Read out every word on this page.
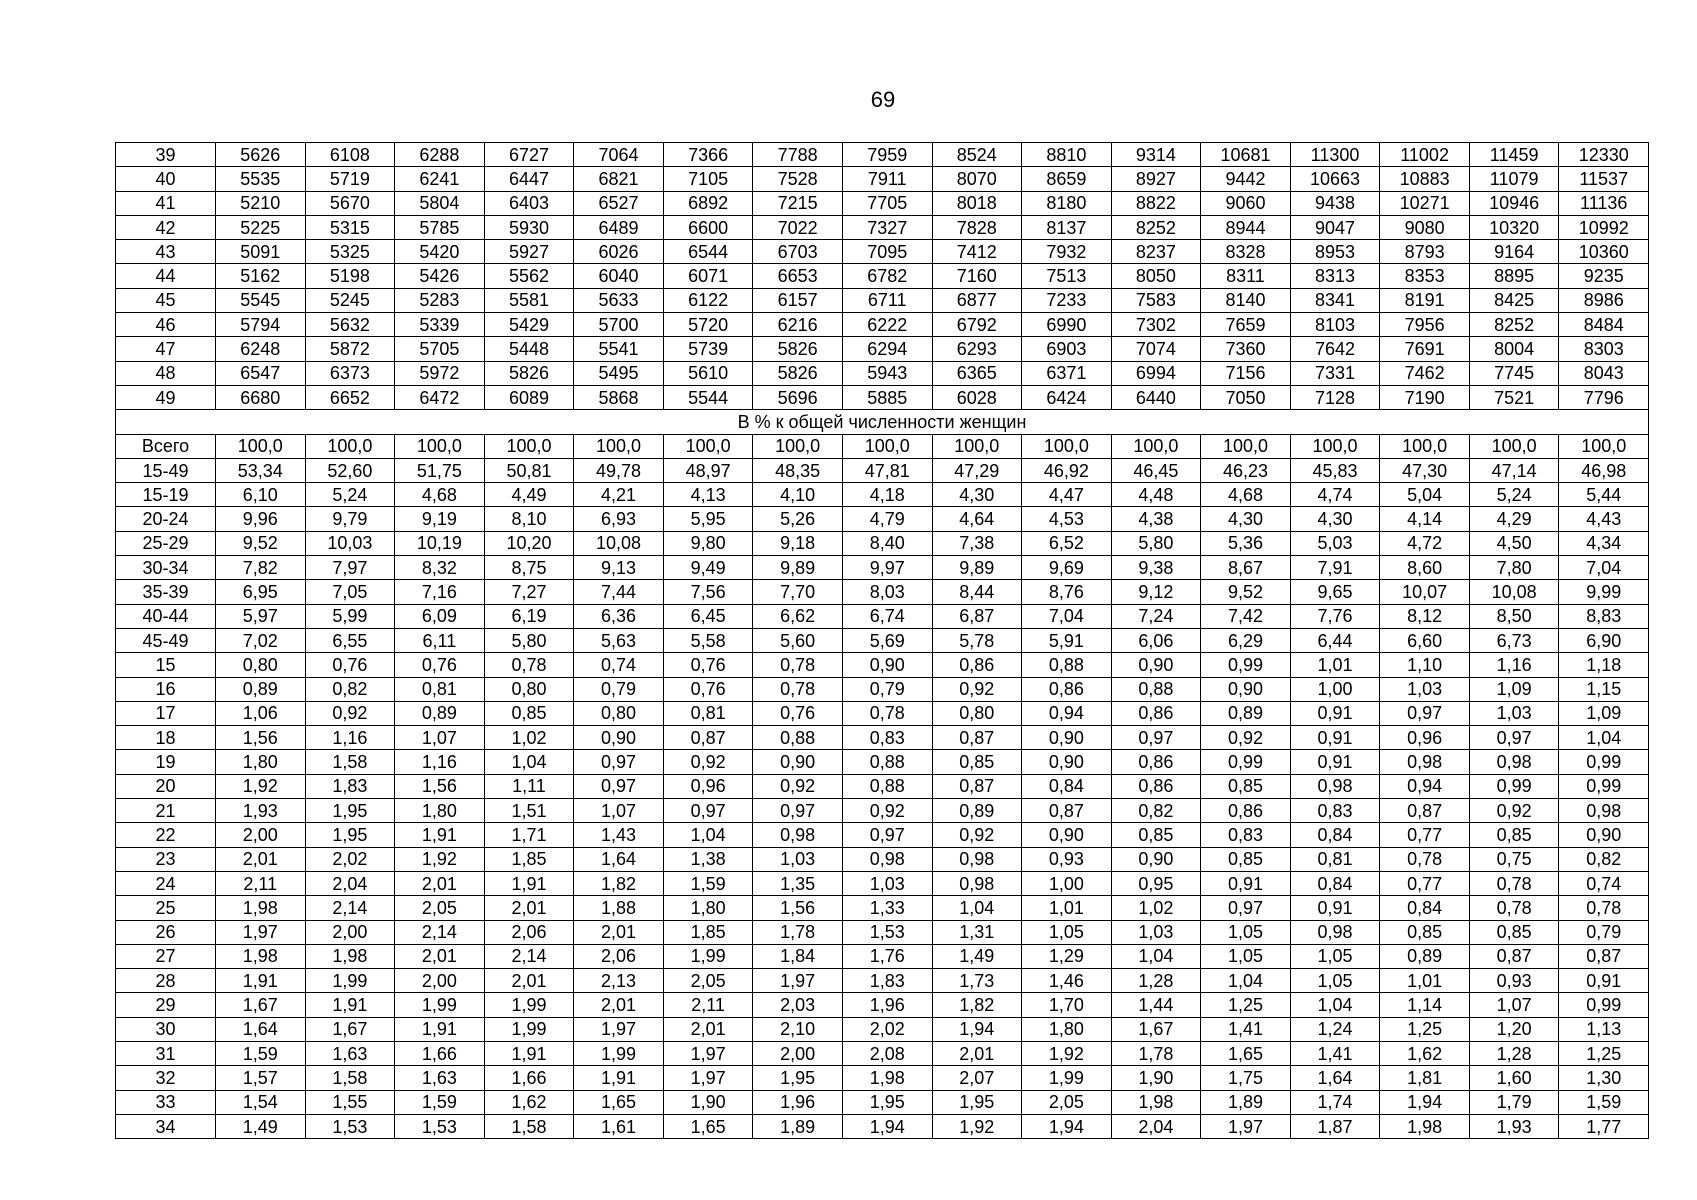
69
39	5626	6108	6288	6727	7064	7366	7788	7959	8524	8810	9314	10681	11300	11002	11459	12330
40	5535	5719	6241	6447	6821	7105	7528	7911	8070	8659	8927	9442	10663	10883	11079	11537
41	5210	5670	5804	6403	6527	6892	7215	7705	8018	8180	8822	9060	9438	10271	10946	11136
42	5225	5315	5785	5930	6489	6600	7022	7327	7828	8137	8252	8944	9047	9080	10320	10992
43	5091	5325	5420	5927	6026	6544	6703	7095	7412	7932	8237	8328	8953	8793	9164	10360
44	5162	5198	5426	5562	6040	6071	6653	6782	7160	7513	8050	8311	8313	8353	8895	9235
45	5545	5245	5283	5581	5633	6122	6157	6711	6877	7233	7583	8140	8341	8191	8425	8986
46	5794	5632	5339	5429	5700	5720	6216	6222	6792	6990	7302	7659	8103	7956	8252	8484
47	6248	5872	5705	5448	5541	5739	5826	6294	6293	6903	7074	7360	7642	7691	8004	8303
48	6547	6373	5972	5826	5495	5610	5826	5943	6365	6371	6994	7156	7331	7462	7745	8043
49	6680	6652	6472	6089	5868	5544	5696	5885	6028	6424	6440	7050	7128	7190	7521	7796
В % к общей численности женщин																
Всего	100,0	100,0	100,0	100,0	100,0	100,0	100,0	100,0	100,0	100,0	100,0	100,0	100,0	100,0	100,0	100,0
15-49	53,34	52,60	51,75	50,81	49,78	48,97	48,35	47,81	47,29	46,92	46,45	46,23	45,83	47,30	47,14	46,98
15-19	6,10	5,24	4,68	4,49	4,21	4,13	4,10	4,18	4,30	4,47	4,48	4,68	4,74	5,04	5,24	5,44
20-24	9,96	9,79	9,19	8,10	6,93	5,95	5,26	4,79	4,64	4,53	4,38	4,30	4,30	4,14	4,29	4,43
25-29	9,52	10,03	10,19	10,20	10,08	9,80	9,18	8,40	7,38	6,52	5,80	5,36	5,03	4,72	4,50	4,34
30-34	7,82	7,97	8,32	8,75	9,13	9,49	9,89	9,97	9,89	9,69	9,38	8,67	7,91	8,60	7,80	7,04
35-39	6,95	7,05	7,16	7,27	7,44	7,56	7,70	8,03	8,44	8,76	9,12	9,52	9,65	10,07	10,08	9,99
40-44	5,97	5,99	6,09	6,19	6,36	6,45	6,62	6,74	6,87	7,04	7,24	7,42	7,76	8,12	8,50	8,83
45-49	7,02	6,55	6,11	5,80	5,63	5,58	5,60	5,69	5,78	5,91	6,06	6,29	6,44	6,60	6,73	6,90
15	0,80	0,76	0,76	0,78	0,74	0,76	0,78	0,90	0,86	0,88	0,90	0,99	1,01	1,10	1,16	1,18
16	0,89	0,82	0,81	0,80	0,79	0,76	0,78	0,79	0,92	0,86	0,88	0,90	1,00	1,03	1,09	1,15
17	1,06	0,92	0,89	0,85	0,80	0,81	0,76	0,78	0,80	0,94	0,86	0,89	0,91	0,97	1,03	1,09
18	1,56	1,16	1,07	1,02	0,90	0,87	0,88	0,83	0,87	0,90	0,97	0,92	0,91	0,96	0,97	1,04
19	1,80	1,58	1,16	1,04	0,97	0,92	0,90	0,88	0,85	0,90	0,86	0,99	0,91	0,98	0,98	0,99
20	1,92	1,83	1,56	1,11	0,97	0,96	0,92	0,88	0,87	0,84	0,86	0,85	0,98	0,94	0,99	0,99
21	1,93	1,95	1,80	1,51	1,07	0,97	0,97	0,92	0,89	0,87	0,82	0,86	0,83	0,87	0,92	0,98
22	2,00	1,95	1,91	1,71	1,43	1,04	0,98	0,97	0,92	0,90	0,85	0,83	0,84	0,77	0,85	0,90
23	2,01	2,02	1,92	1,85	1,64	1,38	1,03	0,98	0,98	0,93	0,90	0,85	0,81	0,78	0,75	0,82
24	2,11	2,04	2,01	1,91	1,82	1,59	1,35	1,03	0,98	1,00	0,95	0,91	0,84	0,77	0,78	0,74
25	1,98	2,14	2,05	2,01	1,88	1,80	1,56	1,33	1,04	1,01	1,02	0,97	0,91	0,84	0,78	0,78
26	1,97	2,00	2,14	2,06	2,01	1,85	1,78	1,53	1,31	1,05	1,03	1,05	0,98	0,85	0,85	0,79
27	1,98	1,98	2,01	2,14	2,06	1,99	1,84	1,76	1,49	1,29	1,04	1,05	1,05	0,89	0,87	0,87
28	1,91	1,99	2,00	2,01	2,13	2,05	1,97	1,83	1,73	1,46	1,28	1,04	1,05	1,01	0,93	0,91
29	1,67	1,91	1,99	1,99	2,01	2,11	2,03	1,96	1,82	1,70	1,44	1,25	1,04	1,14	1,07	0,99
30	1,64	1,67	1,91	1,99	1,97	2,01	2,10	2,02	1,94	1,80	1,67	1,41	1,24	1,25	1,20	1,13
31	1,59	1,63	1,66	1,91	1,99	1,97	2,00	2,08	2,01	1,92	1,78	1,65	1,41	1,62	1,28	1,25
32	1,57	1,58	1,63	1,66	1,91	1,97	1,95	1,98	2,07	1,99	1,90	1,75	1,64	1,81	1,60	1,30
33	1,54	1,55	1,59	1,62	1,65	1,90	1,96	1,95	1,95	2,05	1,98	1,89	1,74	1,94	1,79	1,59
34	1,49	1,53	1,53	1,58	1,61	1,65	1,89	1,94	1,92	1,94	2,04	1,97	1,87	1,98	1,93	1,77
